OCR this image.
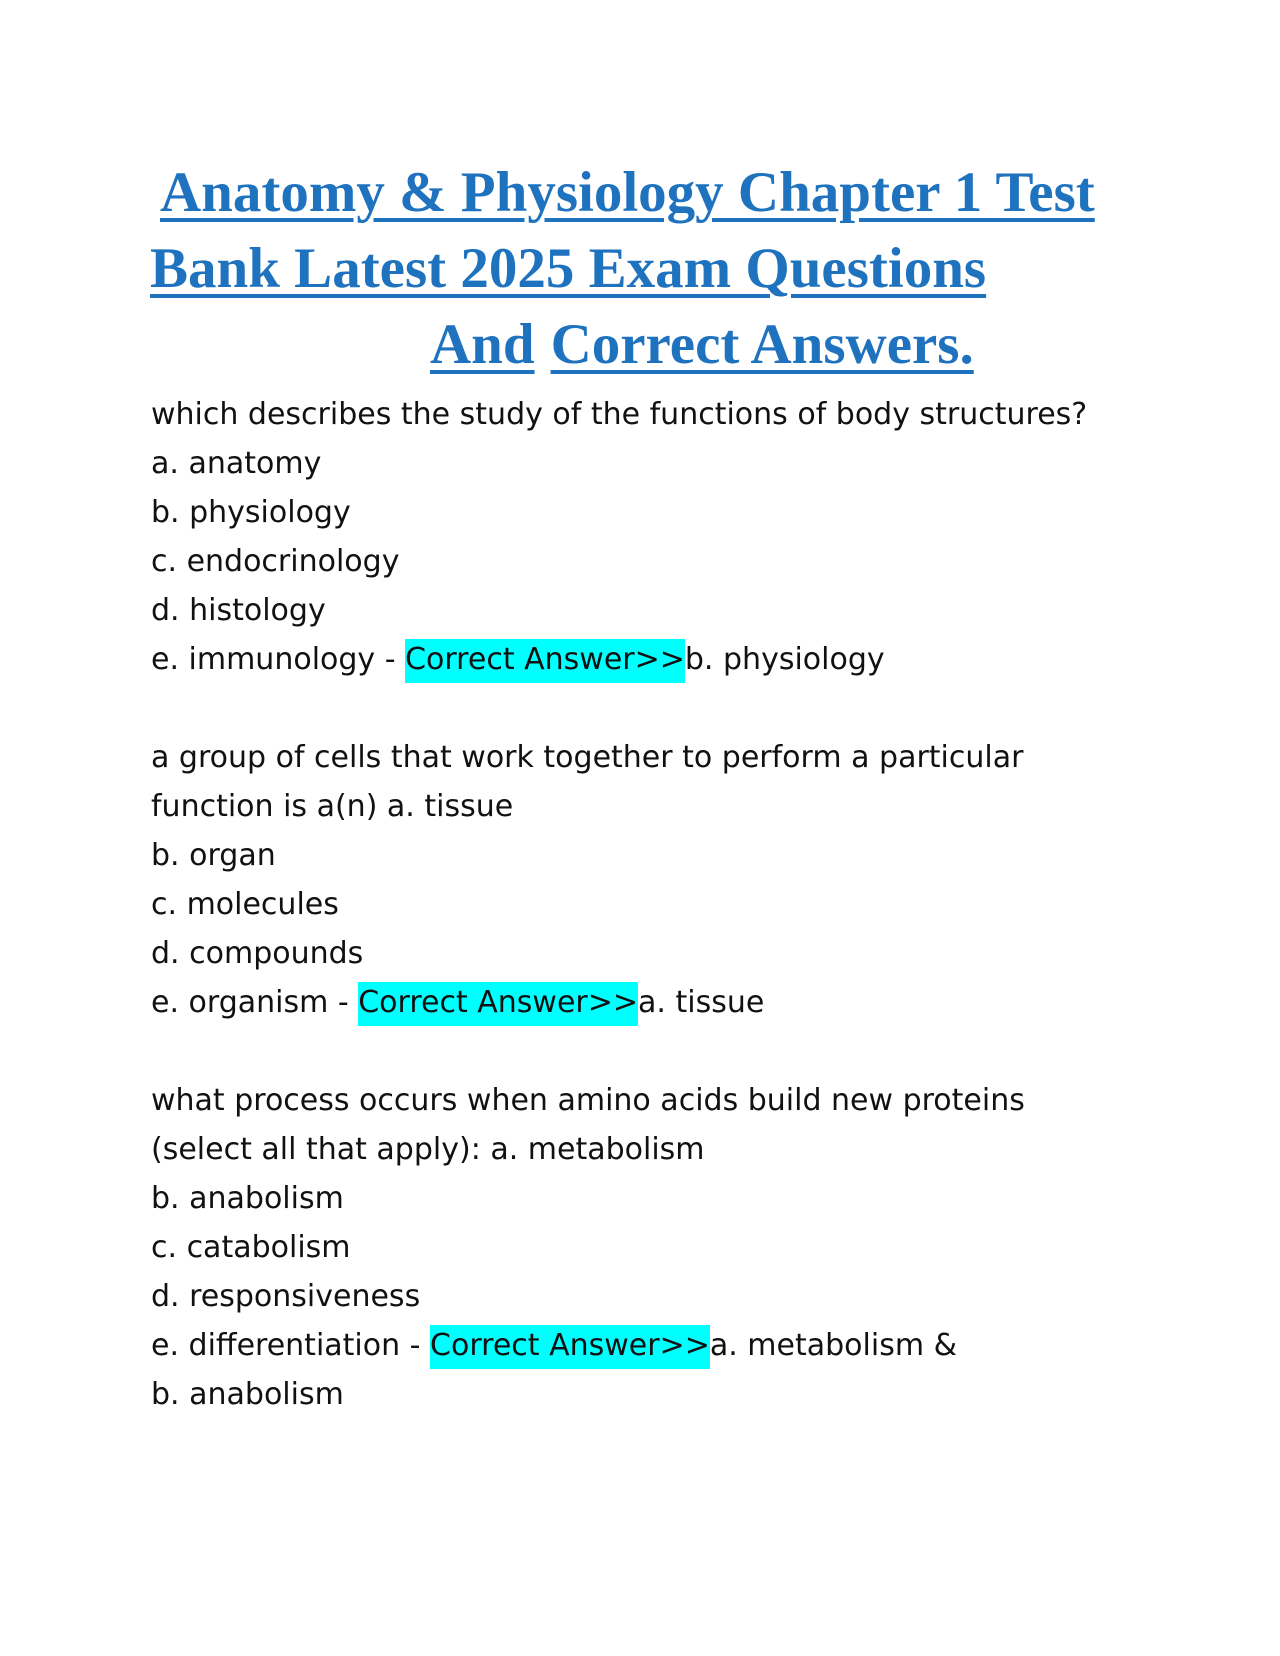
Anatomy & Physiology Chapter 1 Test
Bank Latest 2025 Exam Questions
And Correct Answers.
which describes the study of the functions of body structures?
a. anatomy
b. physiology
c. endocrinology
d. histology
e. immunology - Correct Answer>>b. physiology
a group of cells that work together to perform a particular
function is a(n) a. tissue
b. organ
c. molecules
d. compounds
e. organism - Correct Answer>>a. tissue
what process occurs when amino acids build new proteins
(select all that apply): a. metabolism
b. anabolism
c. catabolism
d. responsiveness
e. differentiation - Correct Answer>>a. metabolism &
b. anabolism
